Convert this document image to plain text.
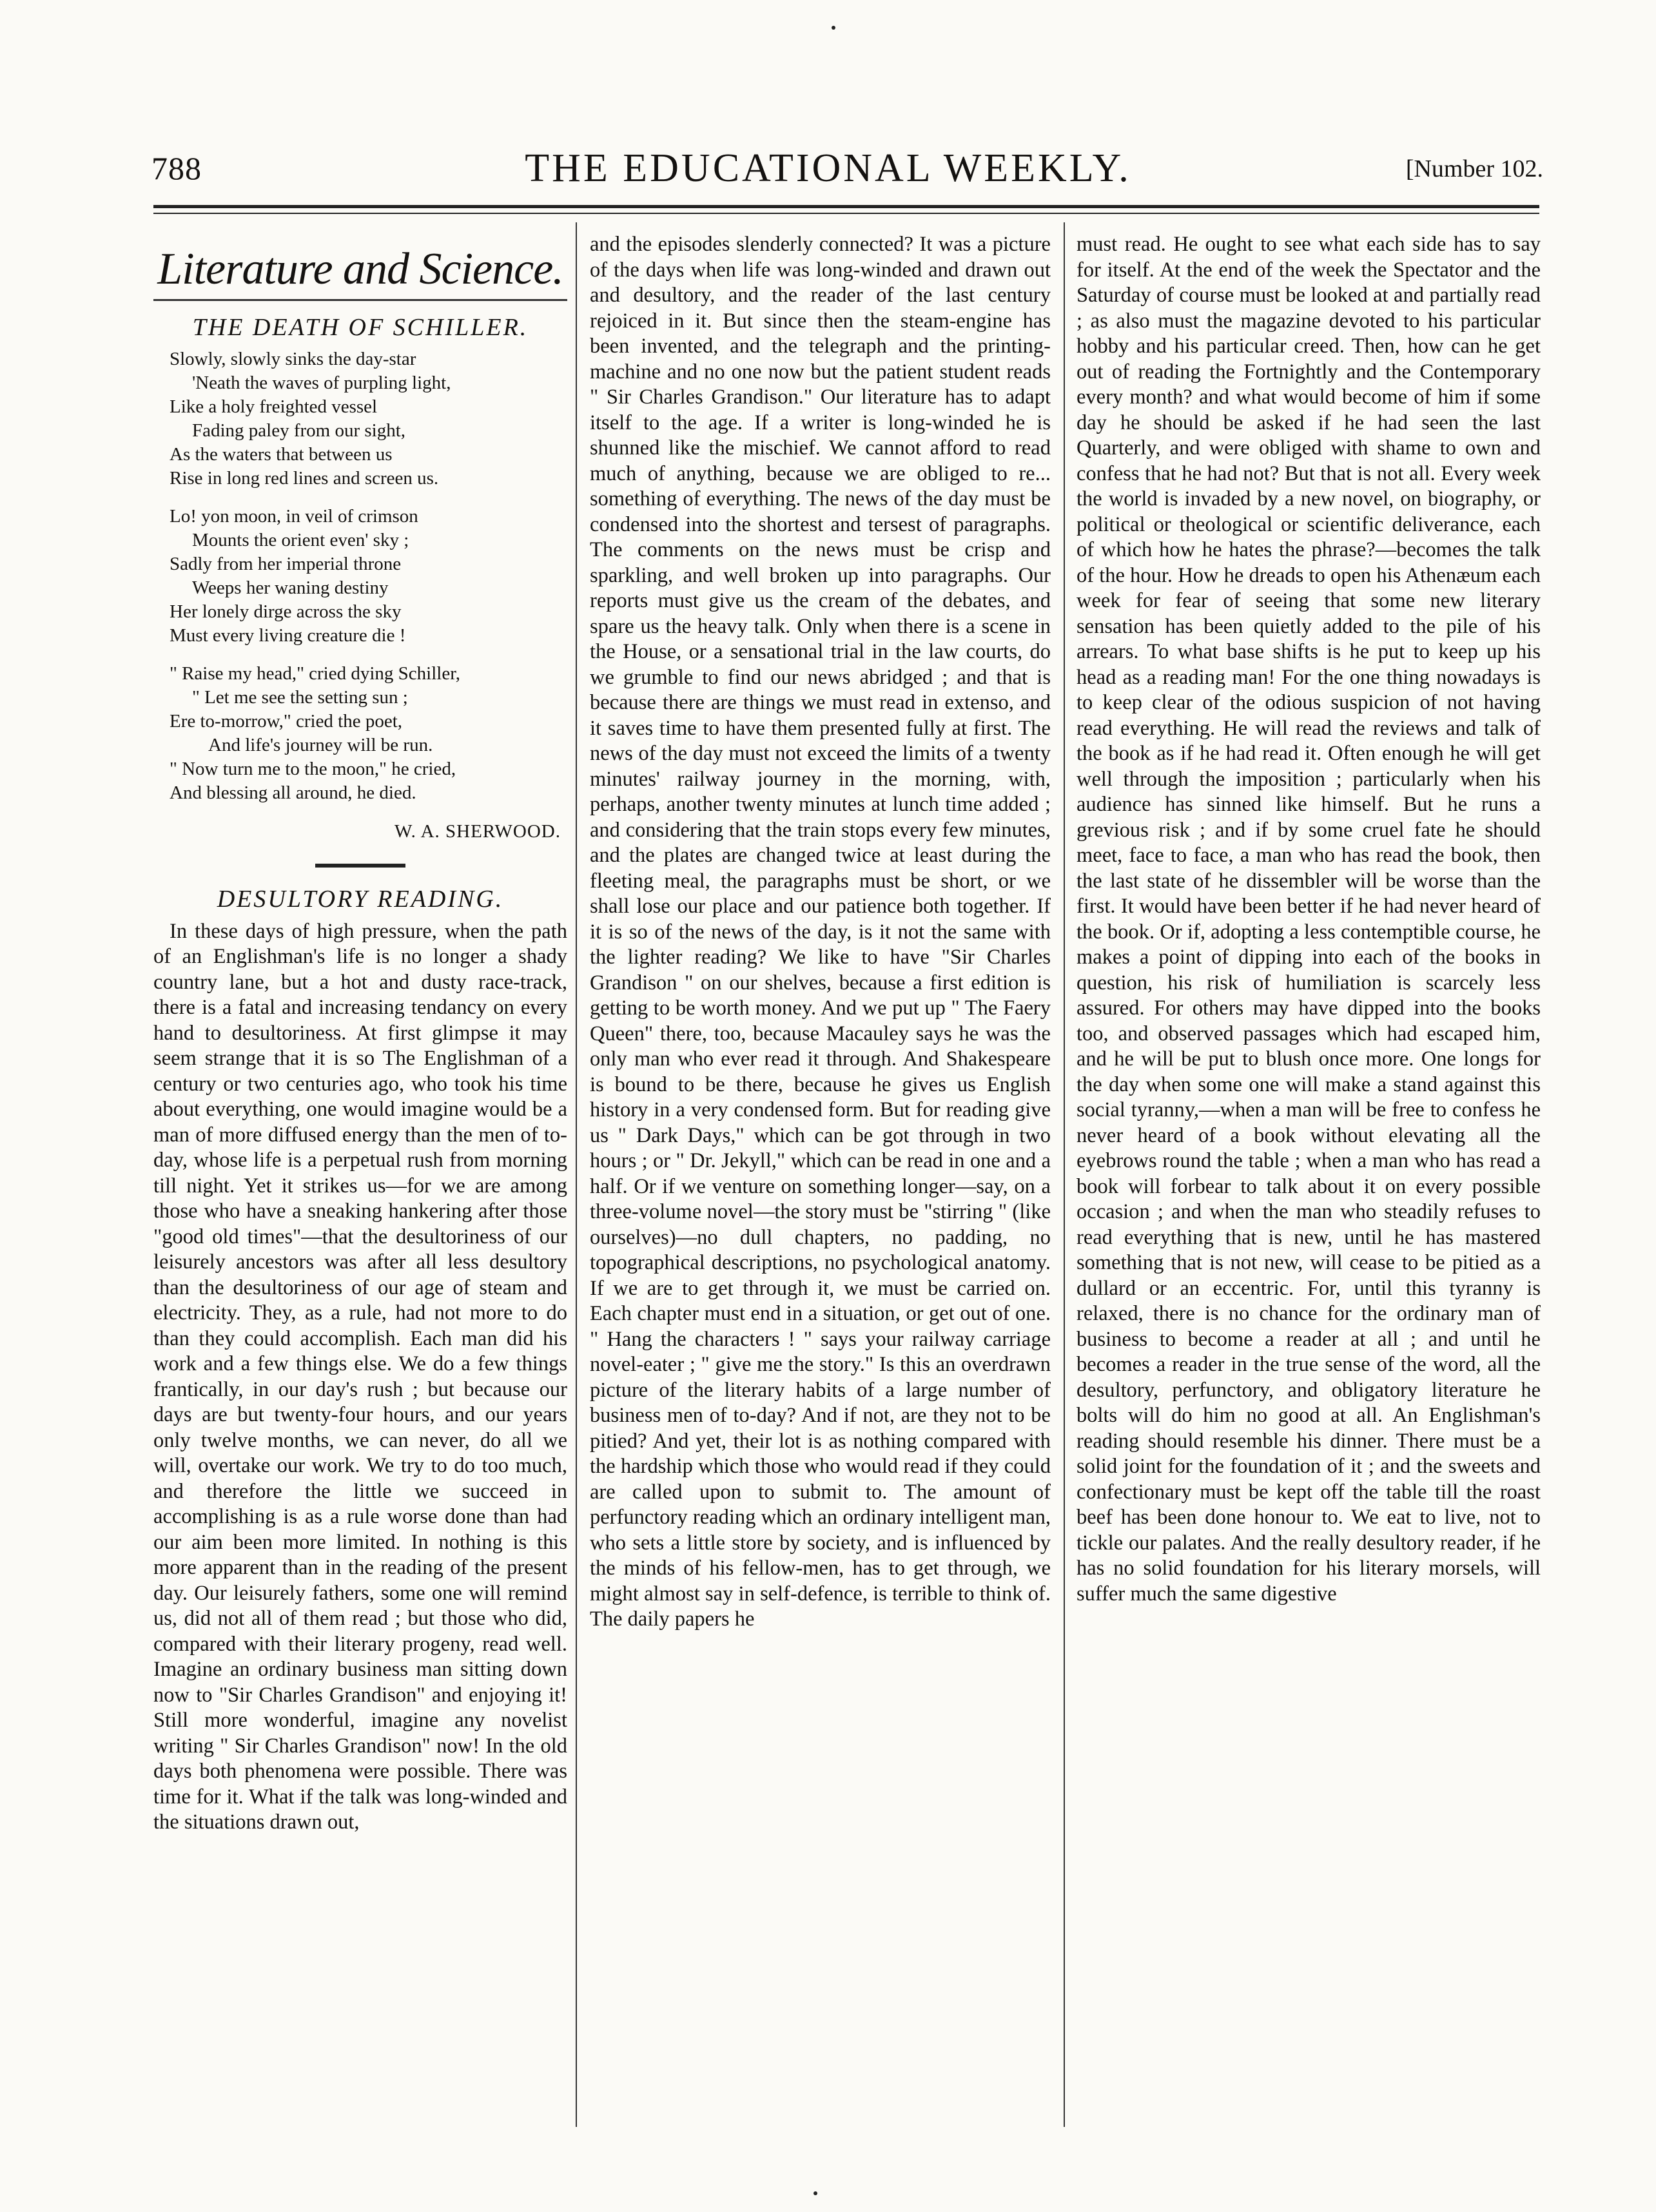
788	THE EDUCATIONAL WEEKLY.	[Number 102.
Literature and Science.
THE DEATH OF SCHILLER.
Slowly, slowly sinks the day-star
'Neath the waves of purpling light,
Like a holy freighted vessel
Fading paley from our sight,
As the waters that between us
Rise in long red lines and screen us.
Lo! yon moon, in veil of crimson
Mounts the orient even' sky ;
Sadly from her imperial throne
Weeps her waning destiny
Her lonely dirge across the sky
Must every living creature die !
" Raise my head," cried dying Schiller,
" Let me see the setting sun ;
Ere to-morrow," cried the poet,
And life's journey will be run.
" Now turn me to the moon," he cried,
And blessing all around, he died.
W. A. SHERWOOD.
DESULTORY READING.

In these days of high pressure, when the path of an Englishman's life is no longer a shady country lane, but a hot and dusty race-track, there is a fatal and increasing tendancy on every hand to desultoriness. At first glimpse it may seem strange that it is so The Englishman of a century or two centuries ago, who took his time about everything, one would imagine would be a man of more diffused energy than the men of to-day, whose life is a perpetual rush from morning till night. Yet it strikes us—for we are among those who have a sneaking hankering after those "good old times"—that the desultoriness of our leisurely ancestors was after all less desultory than the desultoriness of our age of steam and electricity. They, as a rule, had not more to do than they could accomplish. Each man did his work and a few things else. We do a few things frantically, in our day's rush ; but because our days are but twenty-four hours, and our years only twelve months, we can never, do all we will, overtake our work. We try to do too much, and therefore the little we succeed in accomplishing is as a rule worse done than had our aim been more limited. In nothing is this more apparent than in the reading of the present day. Our leisurely fathers, some one will remind us, did not all of them read ; but those who did, compared with their literary progeny, read well. Imagine an ordinary business man sitting down now to "Sir Charles Grandison" and enjoying it! Still more wonderful, imagine any novelist writing " Sir Charles Grandison" now! In the old days both phenomena were possible. There was time for it. What if the talk was long-winded and the situations drawn out,

and the episodes slenderly connected? It was a picture of the days when life was long-winded and drawn out and desultory, and the reader of the last century rejoiced in it. But since then the steam-engine has been invented, and the telegraph and the printing-machine and no one now but the patient student reads " Sir Charles Grandison." Our literature has to adapt itself to the age. If a writer is long-winded he is shunned like the mischief. We cannot afford to read much of anything, because we are obliged to re... something of everything. The news of the day must be condensed into the shortest and tersest of paragraphs. The comments on the news must be crisp and sparkling, and well broken up into paragraphs. Our reports must give us the cream of the debates, and spare us the heavy talk. Only when there is a scene in the House, or a sensational trial in the law courts, do we grumble to find our news abridged ; and that is because there are things we must read in extenso, and it saves time to have them presented fully at first. The news of the day must not exceed the limits of a twenty minutes' railway journey in the morning, with, perhaps, another twenty minutes at lunch time added ; and considering that the train stops every few minutes, and the plates are changed twice at least during the fleeting meal, the paragraphs must be short, or we shall lose our place and our patience both together. If it is so of the news of the day, is it not the same with the lighter reading? We like to have "Sir Charles Grandison " on our shelves, because a first edition is getting to be worth money. And we put up " The Faery Queen" there, too, because Macauley says he was the only man who ever read it through. And Shakespeare is bound to be there, because he gives us English history in a very condensed form. But for reading give us " Dark Days," which can be got through in two hours ; or " Dr. Jekyll," which can be read in one and a half. Or if we venture on something longer—say, on a three-volume novel—the story must be "stirring " (like ourselves)—no dull chapters, no padding, no topographical descriptions, no psychological anatomy. If we are to get through it, we must be carried on. Each chapter must end in a situation, or get out of one. " Hang the characters ! " says your railway carriage novel-eater ; " give me the story." Is this an overdrawn picture of the literary habits of a large number of business men of to-day? And if not, are they not to be pitied? And yet, their lot is as nothing compared with the hardship which those who would read if they could are called upon to submit to. The amount of perfunctory reading which an ordinary intelligent man, who sets a little store by society, and is influenced by the minds of his fellow-men, has to get through, we might almost say in self-defence, is terrible to think of. The daily papers he

must read. He ought to see what each side has to say for itself. At the end of the week the Spectator and the Saturday of course must be looked at and partially read ; as also must the magazine devoted to his particular hobby and his particular creed. Then, how can he get out of reading the Fortnightly and the Contemporary every month? and what would become of him if some day he should be asked if he had seen the last Quarterly, and were obliged with shame to own and confess that he had not? But that is not all. Every week the world is invaded by a new novel, on biography, or political or theological or scientific deliverance, each of which how he hates the phrase?—becomes the talk of the hour. How he dreads to open his Athenæum each week for fear of seeing that some new literary sensation has been quietly added to the pile of his arrears. To what base shifts is he put to keep up his head as a reading man! For the one thing nowadays is to keep clear of the odious suspicion of not having read everything. He will read the reviews and talk of the book as if he had read it. Often enough he will get well through the imposition ; particularly when his audience has sinned like himself. But he runs a grevious risk ; and if by some cruel fate he should meet, face to face, a man who has read the book, then the last state of he dissembler will be worse than the first. It would have been better if he had never heard of the book. Or if, adopting a less contemptible course, he makes a point of dipping into each of the books in question, his risk of humiliation is scarcely less assured. For others may have dipped into the books too, and observed passages which had escaped him, and he will be put to blush once more. One longs for the day when some one will make a stand against this social tyranny,—when a man will be free to confess he never heard of a book without elevating all the eyebrows round the table ; when a man who has read a book will forbear to talk about it on every possible occasion ; and when the man who steadily refuses to read everything that is new, until he has mastered something that is not new, will cease to be pitied as a dullard or an eccentric. For, until this tyranny is relaxed, there is no chance for the ordinary man of business to become a reader at all ; and until he becomes a reader in the true sense of the word, all the desultory, perfunctory, and obligatory literature he bolts will do him no good at all. An Englishman's reading should resemble his dinner. There must be a solid joint for the foundation of it ; and the sweets and confectionary must be kept off the table till the roast beef has been done honour to. We eat to live, not to tickle our palates. And the really desultory reader, if he has no solid foundation for his literary morsels, will suffer much the same digestive
